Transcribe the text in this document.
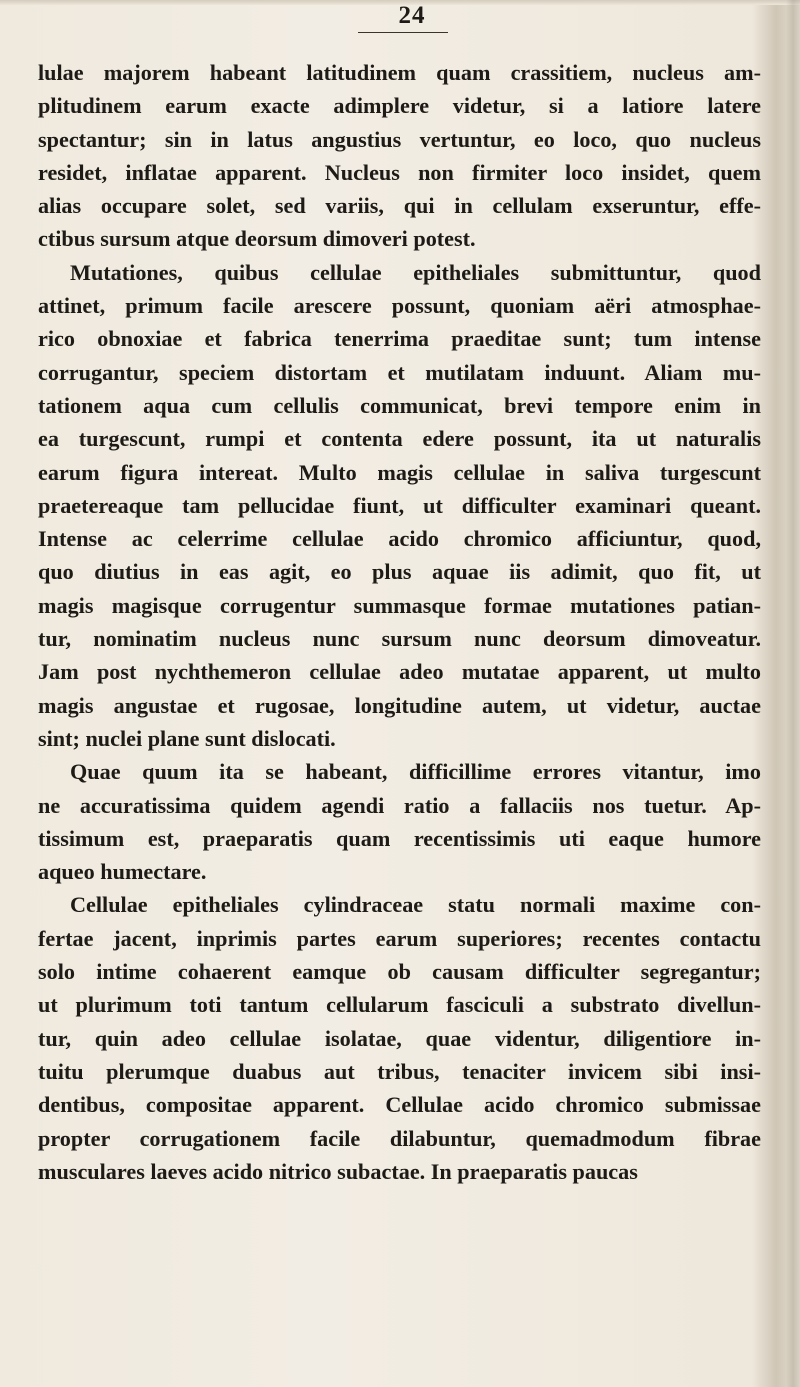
24
lulae majorem habeant latitudinem quam crassitiem, nucleus am-
plitudinem earum exacte adimplere videtur, si a latiore latere
spectantur; sin in latus angustius vertuntur, eo loco, quo nucleus
residet, inflatae apparent. Nucleus non firmiter loco insidet, quem
alias occupare solet, sed variis, qui in cellulam exseruntur, effe-
ctibus sursum atque deorsum dimoveri potest.
Mutationes, quibus cellulae epitheliales submittuntur, quod
attinet, primum facile arescere possunt, quoniam aëri atmosphae-
rico obnoxiae et fabrica tenerrima praeditae sunt; tum intense
corrugantur, speciem distortam et mutilatam induunt. Aliam mu-
tationem aqua cum cellulis communicat, brevi tempore enim in
ea turgescunt, rumpi et contenta edere possunt, ita ut naturalis
earum figura intereat. Multo magis cellulae in saliva turgescunt
praetereaque tam pellucidae fiunt, ut difficulter examinari queant.
Intense ac celerrime cellulae acido chromico afficiuntur, quod,
quo diutius in eas agit, eo plus aquae iis adimit, quo fit, ut
magis magisque corrugentur summasque formae mutationes patian-
tur, nominatim nucleus nunc sursum nunc deorsum dimoveatur.
Jam post nychthemeron cellulae adeo mutatae apparent, ut multo
magis angustae et rugosae, longitudine autem, ut videtur, auctae
sint; nuclei plane sunt dislocati.
Quae quum ita se habeant, difficillime errores vitantur, imo
ne accuratissima quidem agendi ratio a fallaciis nos tuetur. Ap-
tissimum est, praeparatis quam recentissimis uti eaque humore
aqueo humectare.
Cellulae epitheliales cylindraceae statu normali maxime con-
fertae jacent, inprimis partes earum superiores; recentes contactu
solo intime cohaerent eamque ob causam difficulter segregantur;
ut plurimum toti tantum cellularum fasciculi a substrato divellun-
tur, quin adeo cellulae isolatae, quae videntur, diligentiore in-
tuitu plerumque duabus aut tribus, tenaciter invicem sibi insi-
dentibus, compositae apparent. Cellulae acido chromico submissae
propter corrugationem facile dilabuntur, quemadmodum fibrae
musculares laeves acido nitrico subactae. In praeparatis paucas
